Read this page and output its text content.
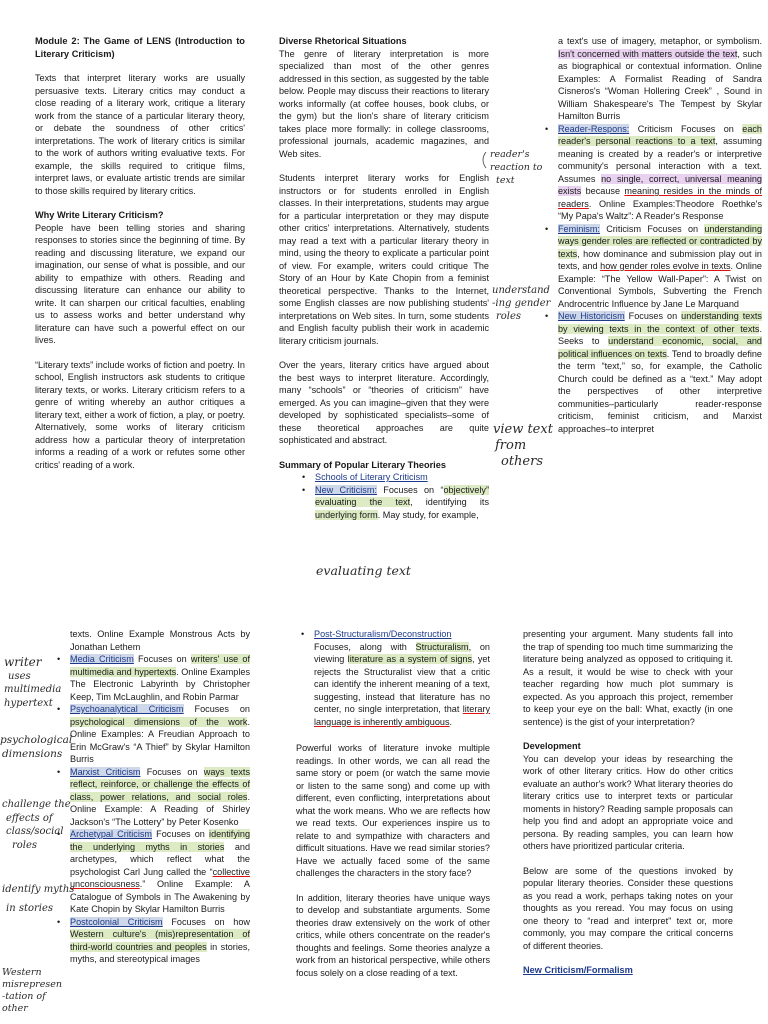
Module 2: The Game of LENS (Introduction to Literary Criticism)

Texts that interpret literary works are usually persuasive texts. Literary critics may conduct a close reading of a literary work, critique a literary work from the stance of a particular literary theory, or debate the soundness of other critics' interpretations. The work of literary critics is similar to the work of authors writing evaluative texts. For example, the skills required to critique films, interpret laws, or evaluate artistic trends are similar to those skills required by literary critics.

Why Write Literary Criticism?

People have been telling stories and sharing responses to stories since the beginning of time. By reading and discussing literature, we expand our imagination, our sense of what is possible, and our ability to empathize with others. Reading and discussing literature can enhance our ability to write. It can sharpen our critical faculties, enabling us to assess works and better understand why literature can have such a powerful effect on our lives.

“Literary texts” include works of fiction and poetry. In school, English instructors ask students to critique literary texts, or works. Literary criticism refers to a genre of writing whereby an author critiques a literary text, either a work of fiction, a play, or poetry. Alternatively, some works of literary criticism address how a particular theory of interpretation informs a reading of a work or refutes some other critics' reading of a work.

Diverse Rhetorical Situations

The genre of literary interpretation is more specialized than most of the other genres addressed in this section, as suggested by the table below. People may discuss their reactions to literary works informally (at coffee houses, book clubs, or the gym) but the lion's share of literary criticism takes place more formally: in college classrooms, professional journals, academic magazines, and Web sites.

Students interpret literary works for English instructors or for students enrolled in English classes. In their interpretations, students may argue for a particular interpretation or they may dispute other critics' interpretations. Alternatively, students may read a text with a particular literary theory in mind, using the theory to explicate a particular point of view. For example, writers could critique The Story of an Hour by Kate Chopin from a feminist theoretical perspective. Thanks to the Internet, some English classes are now publishing students' interpretations on Web sites. In turn, some students and English faculty publish their work in academic literary criticism journals.

Over the years, literary critics have argued about the best ways to interpret literature. Accordingly, many “schools” or “theories of criticism” have emerged. As you can imagine–given that they were developed by sophisticated specialists–some of these theoretical approaches are quite sophisticated and abstract.

Summary of Popular Literary Theories
• Schools of Literary Criticism
• New Criticism: Focuses on “objectively” evaluating the text, identifying its underlying form. May study, for example,

a text's use of imagery, metaphor, or symbolism. Isn't concerned with matters outside the text, such as biographical or contextual information. Online Examples: A Formalist Reading of Sandra Cisneros's “Woman Hollering Creek” , Sound in William Shakespeare's The Tempest by Skylar Hamilton Burris

• Reader-Respons: Criticism Focuses on each reader's personal reactions to a text, assuming meaning is created by a reader's or interpretive community's personal interaction with a text. Assumes no single, correct, universal meaning exists because meaning resides in the minds of readers. Online Examples:Theodore Roethke's “My Papa's Waltz”: A Reader's Response
• Feminism: Criticism Focuses on understanding ways gender roles are reflected or contradicted by texts, how dominance and submission play out in texts, and how gender roles evolve in texts. Online Example: “The Yellow Wall-Paper”: A Twist on Conventional Symbols, Subverting the French Androcentric Influence by Jane Le Marquand
• New Historicism Focuses on understanding texts by viewing texts in the context of other texts. Seeks to understand economic, social, and political influences on texts. Tend to broadly define the term “text,” so, for example, the Catholic Church could be defined as a “text.” May adopt the perspectives of other interpretive communities–particularly reader-response criticism, feminist criticism, and Marxist approaches–to interpret

texts. Online Example Monstrous Acts by Jonathan Lethem

• Media Criticism Focuses on writers' use of multimedia and hypertexts. Online Examples The Electronic Labyrinth by Christopher Keep, Tim McLaughlin, and Robin Parmar
• Psychoanalytical Criticism Focuses on psychological dimensions of the work. Online Examples: A Freudian Approach to Erin McGraw's “A Thief” by Skylar Hamilton Burris
• Marxist Criticism Focuses on ways texts reflect, reinforce, or challenge the effects of class, power relations, and social roles. Online Example: A Reading of Shirley Jackson's “The Lottery” by Peter Kosenko
• Archetypal Criticism Focuses on identifying the underlying myths in stories and archetypes, which reflect what the psychologist Carl Jung called the “collective unconsciousness.” Online Example: A Catalogue of Symbols in The Awakening by Kate Chopin by Skylar Hamilton Burris
• Postcolonial Criticism Focuses on how Western culture's (mis)representation of third-world countries and peoples in stories, myths, and stereotypical images
• Post-Structuralism/Deconstruction Focuses, along with Structuralism, on viewing literature as a system of signs, yet rejects the Structuralist view that a critic can identify the inherent meaning of a text, suggesting, instead that literature has no center, no single interpretation, that literary language is inherently ambiguous.

Powerful works of literature invoke multiple readings. In other words, we can all read the same story or poem (or watch the same movie or listen to the same song) and come up with different, even conflicting, interpretations about what the work means. Who we are reflects how we read texts. Our experiences inspire us to relate to and sympathize with characters and difficult situations. Have we read similar stories? Have we actually faced some of the same challenges the characters in the story face?

In addition, literary theories have unique ways to develop and substantiate arguments. Some theories draw extensively on the work of other critics, while others concentrate on the reader's thoughts and feelings. Some theories analyze a work from an historical perspective, while others focus solely on a close reading of a text.

presenting your argument. Many students fall into the trap of spending too much time summarizing the literature being analyzed as opposed to critiquing it. As a result, it would be wise to check with your teacher regarding how much plot summary is expected. As you approach this project, remember to keep your eye on the ball: What, exactly (in one sentence) is the gist of your interpretation?

Development

You can develop your ideas by researching the work of other literary critics. How do other critics evaluate an author's work? What literary theories do literary critics use to interpret texts or particular moments in history? Reading sample proposals can help you find and adopt an appropriate voice and persona. By reading samples, you can learn how others have prioritized particular criteria.

Below are some of the questions invoked by popular literary theories. Consider these questions as you read a work, perhaps taking notes on your thoughts as you reread. You may focus on using one theory to “read and interpret” text or, more commonly, you may compare the critical concerns of different theories.

New Criticism/Formalism
reader's
reaction to
text
understand
-ing gender
roles
view text
from
others
evaluating text
writer
uses
multimedia
hypertext
psychological
dimensions
challenge the
effects of
class/social
roles
identify myths
in stories
Western
misrepresen
-tation of
other
